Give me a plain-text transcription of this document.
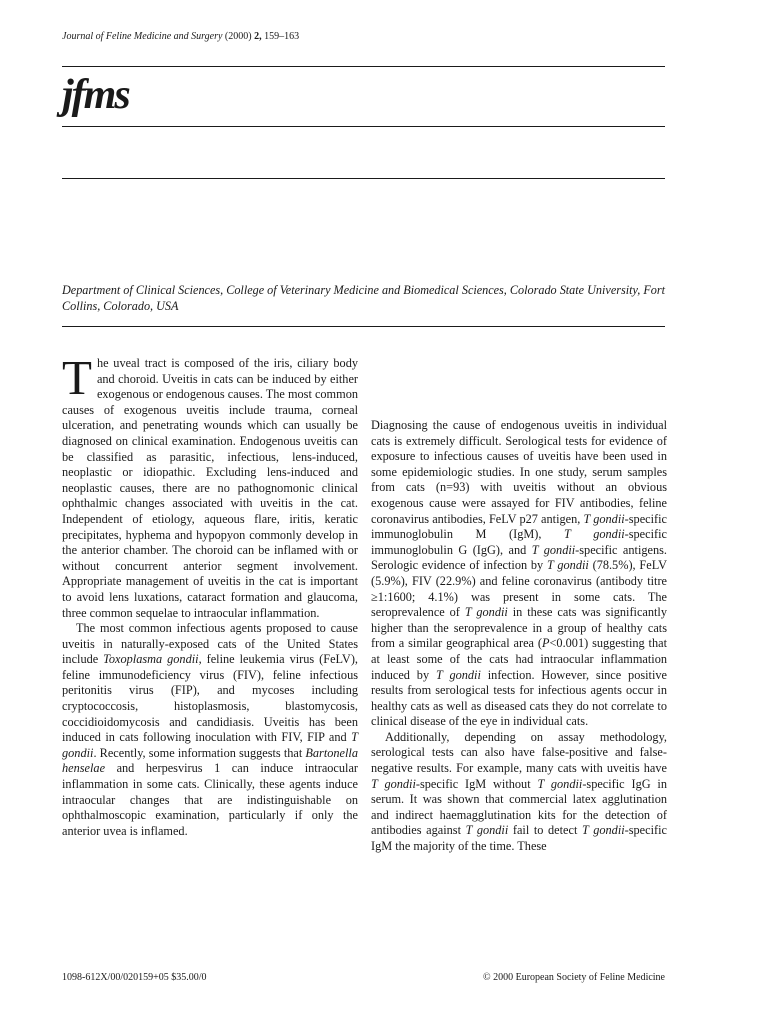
Journal of Feline Medicine and Surgery (2000) 2, 159–163
jfms
Department of Clinical Sciences, College of Veterinary Medicine and Biomedical Sciences, Colorado State University, Fort Collins, Colorado, USA

The uveal tract is composed of the iris, ciliary body and choroid. Uveitis in cats can be induced by either exogenous or endogenous causes. The most common causes of exogenous uveitis include trauma, corneal ulceration, and penetrating wounds which can usually be diagnosed on clinical examination. Endogenous uveitis can be classified as parasitic, infectious, lens-induced, neoplastic or idiopathic. Excluding lens-induced and neoplastic causes, there are no pathognomonic clinical ophthalmic changes associated with uveitis in the cat. Independent of etiology, aqueous flare, iritis, keratic precipitates, hyphema and hypopyon commonly develop in the anterior chamber. The choroid can be inflamed with or without concurrent anterior segment involvement. Appropriate management of uveitis in the cat is important to avoid lens luxations, cataract formation and glaucoma, three common sequelae to intraocular inflammation.

The most common infectious agents proposed to cause uveitis in naturally-exposed cats of the United States include Toxoplasma gondii, feline leukemia virus (FeLV), feline immunodeficiency virus (FIV), feline infectious peritonitis virus (FIP), and mycoses including cryptococcosis, histoplasmosis, blastomycosis, coccidioidomycosis and candidiasis. Uveitis has been induced in cats following inoculation with FIV, FIP and T gondii. Recently, some information suggests that Bartonella henselae and herpesvirus 1 can induce intraocular inflammation in some cats. Clinically, these agents induce intraocular changes that are indistinguishable on ophthalmoscopic examination, particularly if only the anterior uvea is inflamed.

Diagnosing the cause of endogenous uveitis in individual cats is extremely difficult. Serological tests for evidence of exposure to infectious causes of uveitis have been used in some epidemiologic studies. In one study, serum samples from cats (n=93) with uveitis without an obvious exogenous cause were assayed for FIV antibodies, feline coronavirus antibodies, FeLV p27 antigen, T gondii-specific immunoglobulin M (IgM), T gondii-specific immunoglobulin G (IgG), and T gondii-specific antigens. Serologic evidence of infection by T gondii (78.5%), FeLV (5.9%), FIV (22.9%) and feline coronavirus (antibody titre ≥1:1600; 4.1%) was present in some cats. The seroprevalence of T gondii in these cats was significantly higher than the seroprevalence in a group of healthy cats from a similar geographical area (P<0.001) suggesting that at least some of the cats had intraocular inflammation induced by T gondii infection. However, since positive results from serological tests for infectious agents occur in healthy cats as well as diseased cats they do not correlate to clinical disease of the eye in individual cats.

Additionally, depending on assay methodology, serological tests can also have false-positive and false-negative results. For example, many cats with uveitis have T gondii-specific IgM without T gondii-specific IgG in serum. It was shown that commercial latex agglutination and indirect haemagglutination kits for the detection of antibodies against T gondii fail to detect T gondii-specific IgM the majority of the time. These

1098-612X/00/020159+05 $35.00/0	© 2000 European Society of Feline Medicine
